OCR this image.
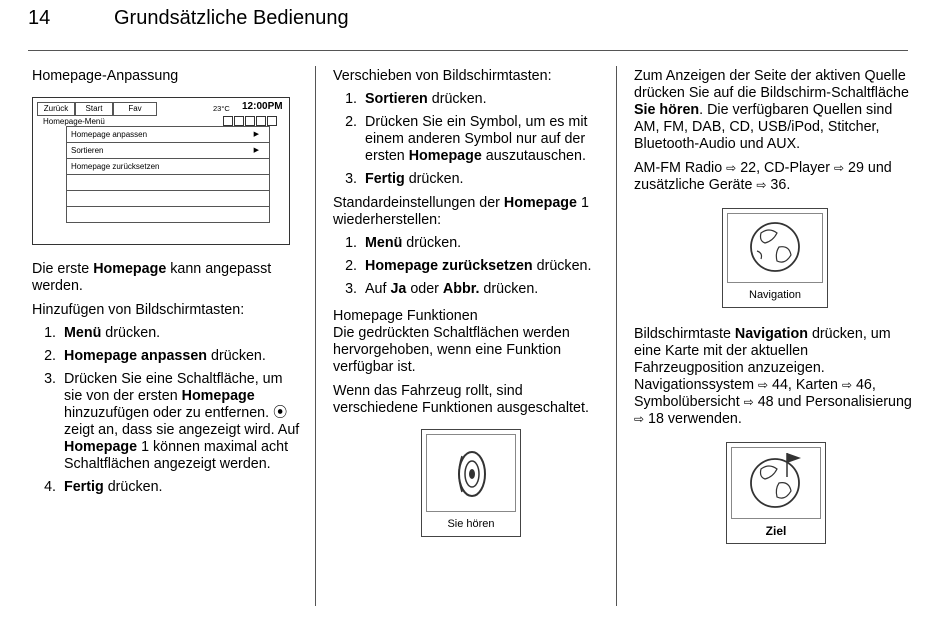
14	Grundsätzliche Bedienung

Homepage-Anpassung

Zurück	Start	Fav	23°C 12:00PM
Homepage-Menü
Homepage anpassen	▶
Sortieren	▶
Homepage zurücksetzen

Die erste Homepage kann angepasst werden.

Hinzufügen von Bildschirmtasten:

1. Menü drücken.
2. Homepage anpassen drücken.
3. Drücken Sie eine Schaltfläche, um sie von der ersten Homepage hinzuzufügen oder zu entfernen. ⦿ zeigt an, dass sie angezeigt wird. Auf Homepage 1 können maximal acht Schaltflächen angezeigt werden.
4. Fertig drücken.

Verschieben von Bildschirmtasten:

1. Sortieren drücken.
2. Drücken Sie ein Symbol, um es mit einem anderen Symbol nur auf der ersten Homepage auszutauschen.
3. Fertig drücken.

Standardeinstellungen der Homepage 1 wiederherstellen:

1. Menü drücken.
2. Homepage zurücksetzen drücken.
3. Auf Ja oder Abbr. drücken.

Homepage Funktionen

Die gedrückten Schaltflächen werden hervorgehoben, wenn eine Funktion verfügbar ist.

Wenn das Fahrzeug rollt, sind verschiedene Funktionen ausgeschaltet.

Sie hören

Zum Anzeigen der Seite der aktiven Quelle drücken Sie auf die Bildschirm-Schaltfläche Sie hören. Die verfügbaren Quellen sind AM, FM, DAB, CD, USB/iPod, Stitcher, Bluetooth-Audio und AUX.

AM-FM Radio ⇨ 22, CD-Player ⇨ 29 und zusätzliche Geräte ⇨ 36.

Navigation

Bildschirmtaste Navigation drücken, um eine Karte mit der aktuellen Fahrzeugposition anzuzeigen. Navigationssystem ⇨ 44, Karten ⇨ 46, Symbolübersicht ⇨ 48 und Personalisierung ⇨ 18 verwenden.

Ziel
